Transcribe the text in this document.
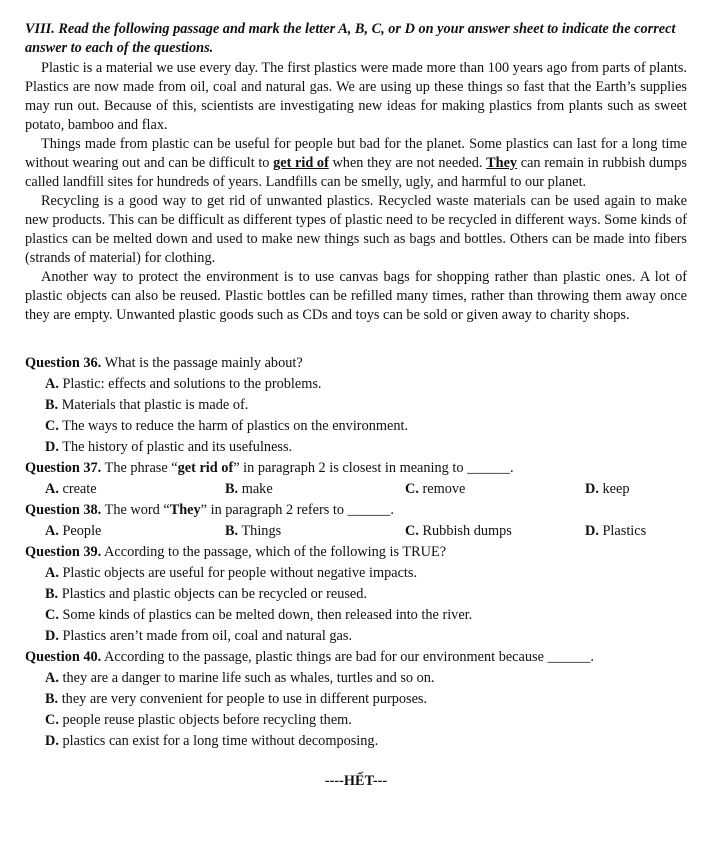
VIII. Read the following passage and mark the letter A, B, C, or D on your answer sheet to indicate the correct answer to each of the questions.

Plastic is a material we use every day. The first plastics were made more than 100 years ago from parts of plants. Plastics are now made from oil, coal and natural gas. We are using up these things so fast that the Earth’s supplies may run out. Because of this, scientists are investigating new ideas for making plastics from plants such as sweet potato, bamboo and flax.

Things made from plastic can be useful for people but bad for the planet. Some plastics can last for a long time without wearing out and can be difficult to get rid of when they are not needed. They can remain in rubbish dumps called landfill sites for hundreds of years. Landfills can be smelly, ugly, and harmful to our planet.

Recycling is a good way to get rid of unwanted plastics. Recycled waste materials can be used again to make new products. This can be difficult as different types of plastic need to be recycled in different ways. Some kinds of plastics can be melted down and used to make new things such as bags and bottles. Others can be made into fibers (strands of material) for clothing.

Another way to protect the environment is to use canvas bags for shopping rather than plastic ones. A lot of plastic objects can also be reused. Plastic bottles can be refilled many times, rather than throwing them away once they are empty. Unwanted plastic goods such as CDs and toys can be sold or given away to charity shops.

Question 36. What is the passage mainly about?
A. Plastic: effects and solutions to the problems.
B. Materials that plastic is made of.
C. The ways to reduce the harm of plastics on the environment.
D. The history of plastic and its usefulness.
Question 37. The phrase “get rid of” in paragraph 2 is closest in meaning to ______.
A. create	B. make	C. remove	D. keep
Question 38. The word “They” in paragraph 2 refers to ______.
A. People	B. Things	C. Rubbish dumps	D. Plastics
Question 39. According to the passage, which of the following is TRUE?
A. Plastic objects are useful for people without negative impacts.
B. Plastics and plastic objects can be recycled or reused.
C. Some kinds of plastics can be melted down, then released into the river.
D. Plastics aren’t made from oil, coal and natural gas.
Question 40. According to the passage, plastic things are bad for our environment because ______.
A. they are a danger to marine life such as whales, turtles and so on.
B. they are very convenient for people to use in different purposes.
C. people reuse plastic objects before recycling them.
D. plastics can exist for a long time without decomposing.
----HẾT---
